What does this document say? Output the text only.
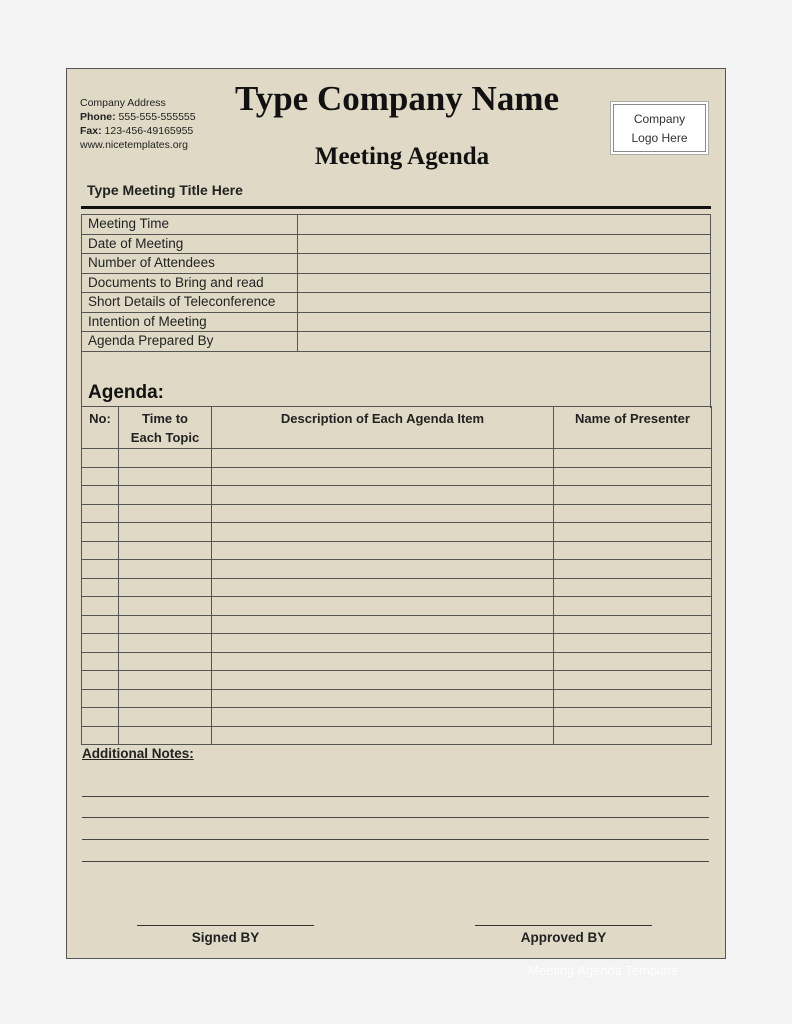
Company Address
Phone: 555-555-555555
Fax: 123-456-49165955
www.nicetemplates.org
Type Company Name
Meeting Agenda
Company
Logo Here
Type Meeting Title Here
Meeting Time	
Date of Meeting	
Number of Attendees	
Documents to Bring and read	
Short Details of Teleconference	
Intention of Meeting	
Agenda Prepared By	
Agenda:
No:	Time to Each Topic	Description of Each Agenda Item	Name of Presenter

Additional Notes:
Signed BY	Approved BY
Meeting Agenda Template
